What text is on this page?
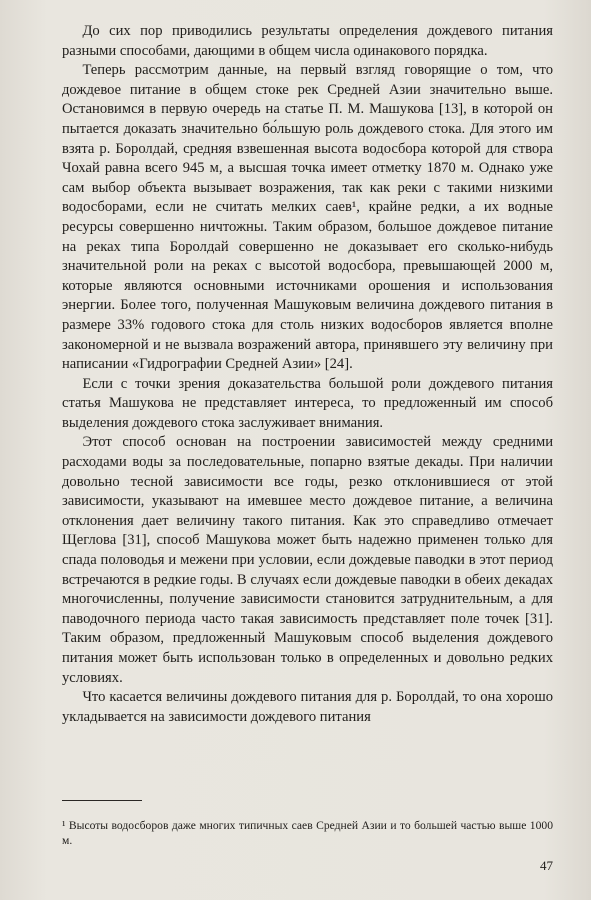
До сих пор приводились результаты определения дождевого питания разными способами, дающими в общем числа одинакового порядка.

Теперь рассмотрим данные, на первый взгляд говорящие о том, что дождевое питание в общем стоке рек Средней Азии значительно выше. Остановимся в первую очередь на статье П. М. Машукова [13], в которой он пытается доказать значительно бо́льшую роль дождевого стока. Для этого им взята р. Боролдай, средняя взвешенная высота водосбора которой для створа Чохай равна всего 945 м, а высшая точка имеет отметку 1870 м. Однако уже сам выбор объекта вызывает возражения, так как реки с такими низкими водосборами, если не считать мелких саев¹, крайне редки, а их водные ресурсы совершенно ничтожны. Таким образом, большое дождевое питание на реках типа Боролдай совершенно не доказывает его сколько-нибудь значительной роли на реках с высотой водосбора, превышающей 2000 м, которые являются основными источниками орошения и использования энергии. Более того, полученная Машуковым величина дождевого питания в размере 33% годового стока для столь низких водосборов является вполне закономерной и не вызвала возражений автора, принявшего эту величину при написании «Гидрографии Средней Азии» [24].

Если с точки зрения доказательства большой роли дождевого питания статья Машукова не представляет интереса, то предложенный им способ выделения дождевого стока заслуживает внимания.

Этот способ основан на построении зависимостей между средними расходами воды за последовательные, попарно взятые декады. При наличии довольно тесной зависимости все годы, резко отклонившиеся от этой зависимости, указывают на имевшее место дождевое питание, а величина отклонения дает величину такого питания. Как это справедливо отмечает Щеглова [31], способ Машукова может быть надежно применен только для спада половодья и межени при условии, если дождевые паводки в этот период встречаются в редкие годы. В случаях если дождевые паводки в обеих декадах многочисленны, получение зависимости становится затруднительным, а для паводочного периода часто такая зависимость представляет поле точек [31]. Таким образом, предложенный Машуковым способ выделения дождевого питания может быть использован только в определенных и довольно редких условиях.

Что касается величины дождевого питания для р. Боролдай, то она хорошо укладывается на зависимости дождевого питания

¹ Высоты водосборов даже многих типичных саев Средней Азии и то большей частью выше 1000 м.
47
